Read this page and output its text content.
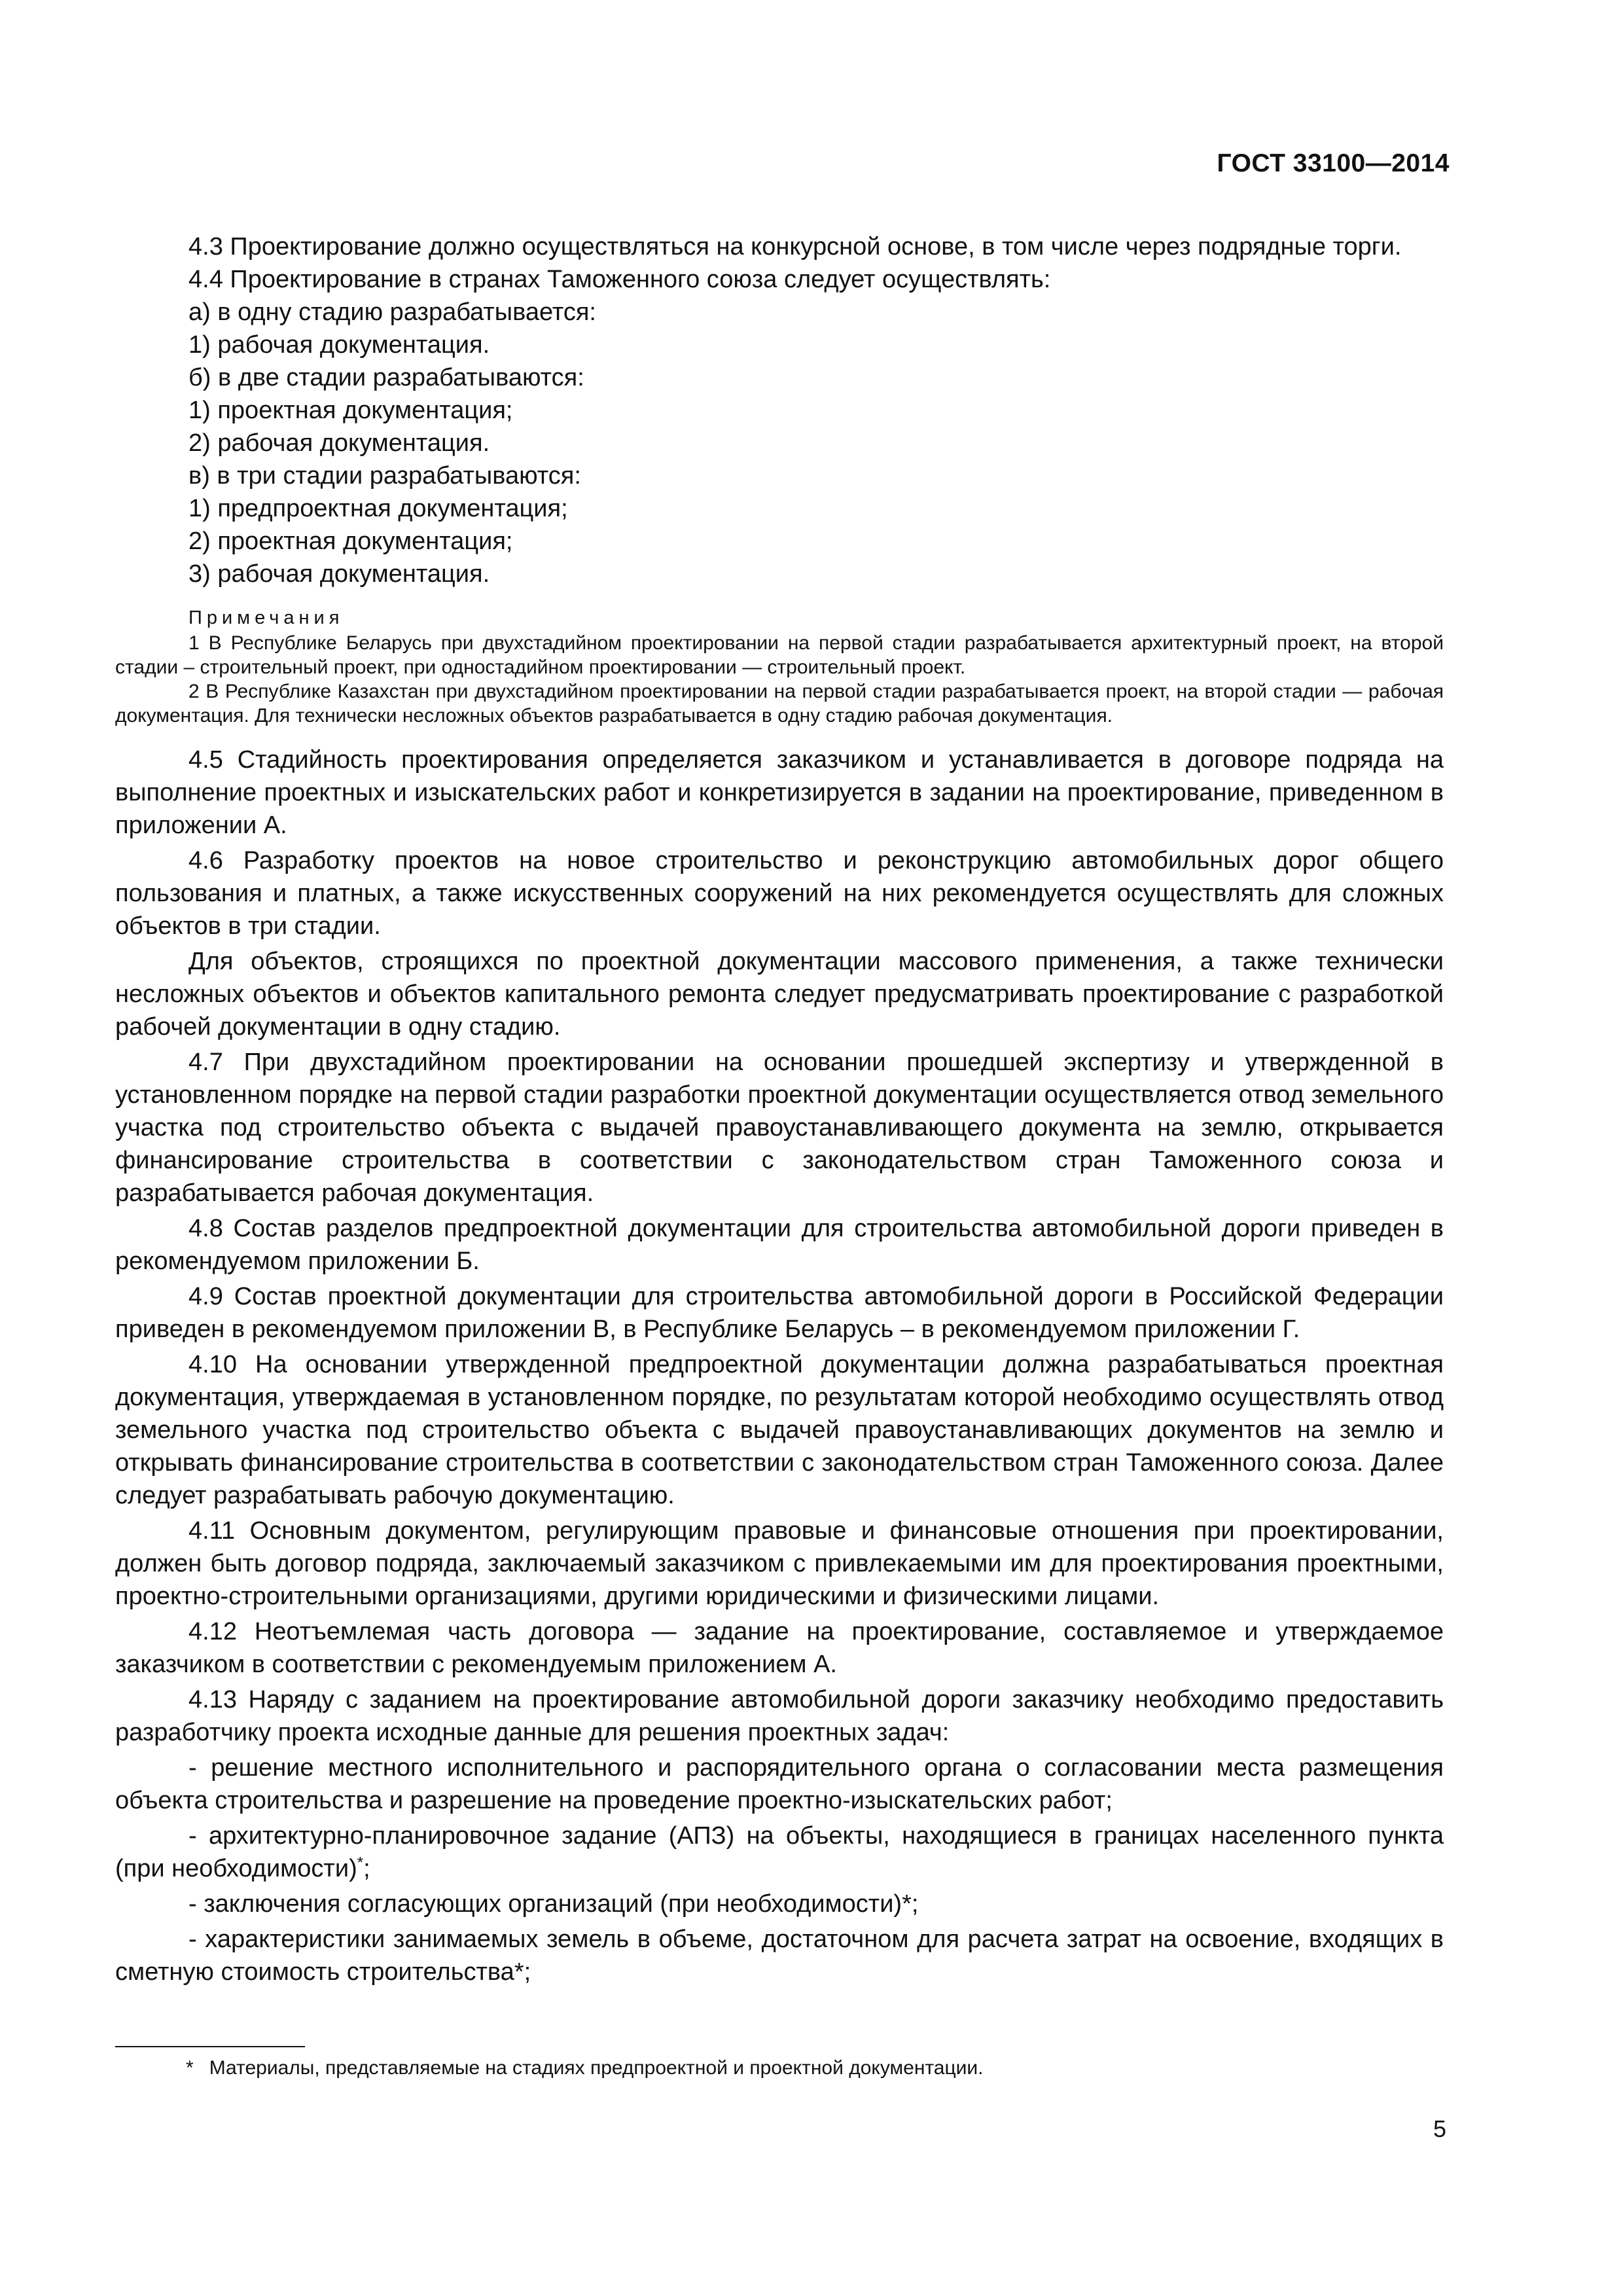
ГОСТ 33100—2014

4.3 Проектирование должно осуществляться на конкурсной основе, в том числе через подрядные торги.

4.4 Проектирование в странах Таможенного союза следует осуществлять:

а) в одну стадию разрабатывается:

1) рабочая документация.

б) в две стадии разрабатываются:

1) проектная документация;

2) рабочая документация.

в) в три стадии разрабатываются:

1) предпроектная документация;

2) проектная документация;

3) рабочая документация.

Примечания

1 В Республике Беларусь при двухстадийном проектировании на первой стадии разрабатывается архитектурный проект, на второй стадии – строительный проект, при одностадийном проектировании — строительный проект.

2 В Республике Казахстан при двухстадийном проектировании на первой стадии разрабатывается проект, на второй стадии — рабочая документация. Для технически несложных объектов разрабатывается в одну стадию рабочая документация.

4.5 Стадийность проектирования определяется заказчиком и устанавливается в договоре подряда на выполнение проектных и изыскательских работ и конкретизируется в задании на проектирование, приведенном в приложении А.

4.6 Разработку проектов на новое строительство и реконструкцию автомобильных дорог общего пользования и платных, а также искусственных сооружений на них рекомендуется осуществлять для сложных объектов в три стадии.

Для объектов, строящихся по проектной документации массового применения, а также технически несложных объектов и объектов капитального ремонта следует предусматривать проектирование с разработкой рабочей документации в одну стадию.

4.7 При двухстадийном проектировании на основании прошедшей экспертизу и утвержденной в установленном порядке на первой стадии разработки проектной документации осуществляется отвод земельного участка под строительство объекта с выдачей правоустанавливающего документа на землю, открывается финансирование строительства в соответствии с законодательством стран Таможенного союза и разрабатывается рабочая документация.

4.8 Состав разделов предпроектной документации для строительства автомобильной дороги приведен в рекомендуемом приложении Б.

4.9 Состав проектной документации для строительства автомобильной дороги в Российской Федерации приведен в рекомендуемом приложении В, в Республике Беларусь – в рекомендуемом приложении Г.

4.10 На основании утвержденной предпроектной документации должна разрабатываться проектная документация, утверждаемая в установленном порядке, по результатам которой необходимо осуществлять отвод земельного участка под строительство объекта с выдачей правоустанавливающих документов на землю и открывать финансирование строительства в соответствии с законодательством стран Таможенного союза. Далее следует разрабатывать рабочую документацию.

4.11 Основным документом, регулирующим правовые и финансовые отношения при проектировании, должен быть договор подряда, заключаемый заказчиком с привлекаемыми им для проектирования проектными, проектно-строительными организациями, другими юридическими и физическими лицами.

4.12 Неотъемлемая часть договора — задание на проектирование, составляемое и утверждаемое заказчиком в соответствии с рекомендуемым приложением А.

4.13 Наряду с заданием на проектирование автомобильной дороги заказчику необходимо предоставить разработчику проекта исходные данные для решения проектных задач:

- решение местного исполнительного и распорядительного органа о согласовании места размещения объекта строительства и разрешение на проведение проектно-изыскательских работ;

- архитектурно-планировочное задание (АПЗ) на объекты, находящиеся в границах населенного пункта (при необходимости)*;

- заключения согласующих организаций (при необходимости)*;

- характеристики занимаемых земель в объеме, достаточном для расчета затрат на освоение, входящих в сметную стоимость строительства*;

* Материалы, представляемые на стадиях предпроектной и проектной документации.
5
